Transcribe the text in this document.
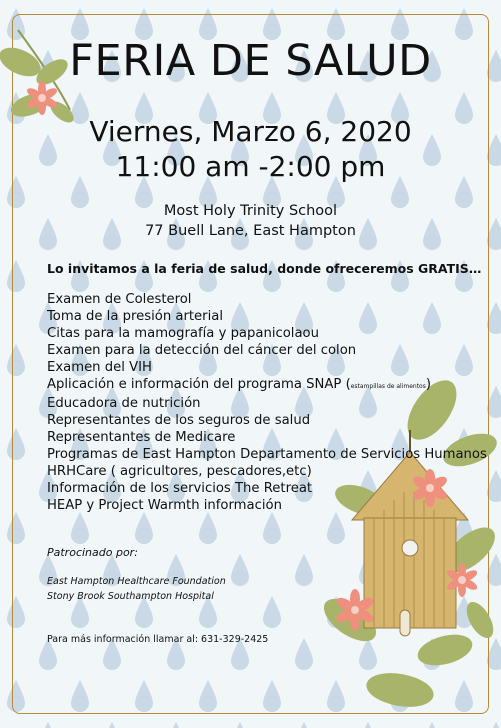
FERIA DE SALUD
Viernes, Marzo 6, 2020
11:00 am -2:00 pm
Most Holy Trinity School
77 Buell Lane, East Hampton
Lo invitamos a la feria de salud, donde ofreceremos GRATIS…
Examen de Colesterol
Toma de la presión arterial
Citas para la mamografía y papanicolaou
Examen para la detección del cáncer del colon
Examen del VIH
Aplicación e información del programa SNAP (estampillas de alimentos)
Educadora de nutrición
Representantes de los seguros de salud
Representantes de Medicare
Programas de East Hampton Departamento de Servicios Humanos
HRHCare ( agricultores, pescadores,etc)
Información de los servicios The Retreat
HEAP y Project Warmth información
Patrocinado por:
East Hampton Healthcare Foundation
Stony Brook Southampton Hospital
Para más información llamar al: 631-329-2425
